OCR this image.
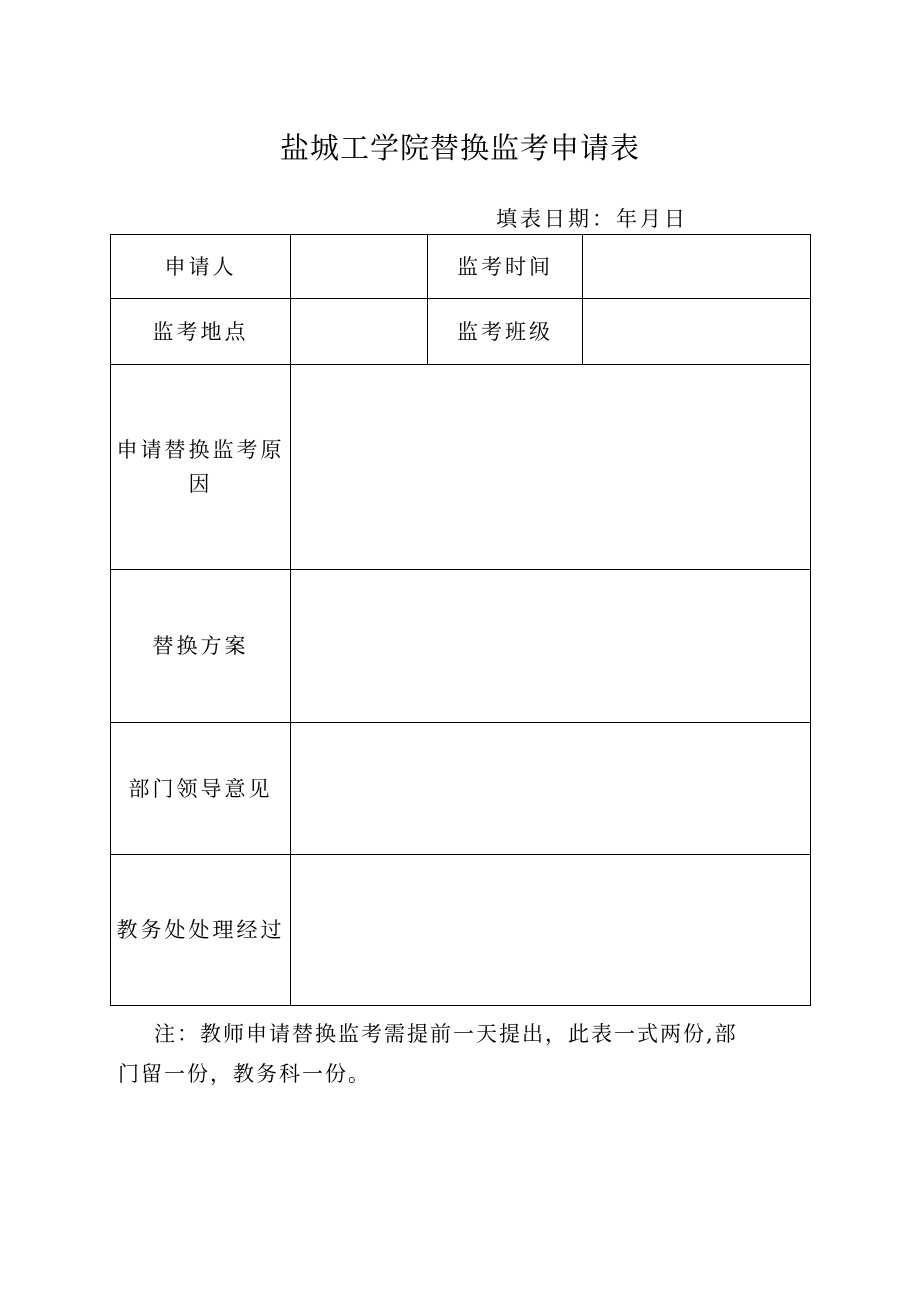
盐城工学院替换监考申请表
填表日期：年月日
申请人		监考时间	
监考地点		监考班级	
申请替换监考原因			
替换方案			
部门领导意见			
教务处处理经过			
注：教师申请替换监考需提前一天提出，此表一式两份,部
门留一份，教务科一份。
